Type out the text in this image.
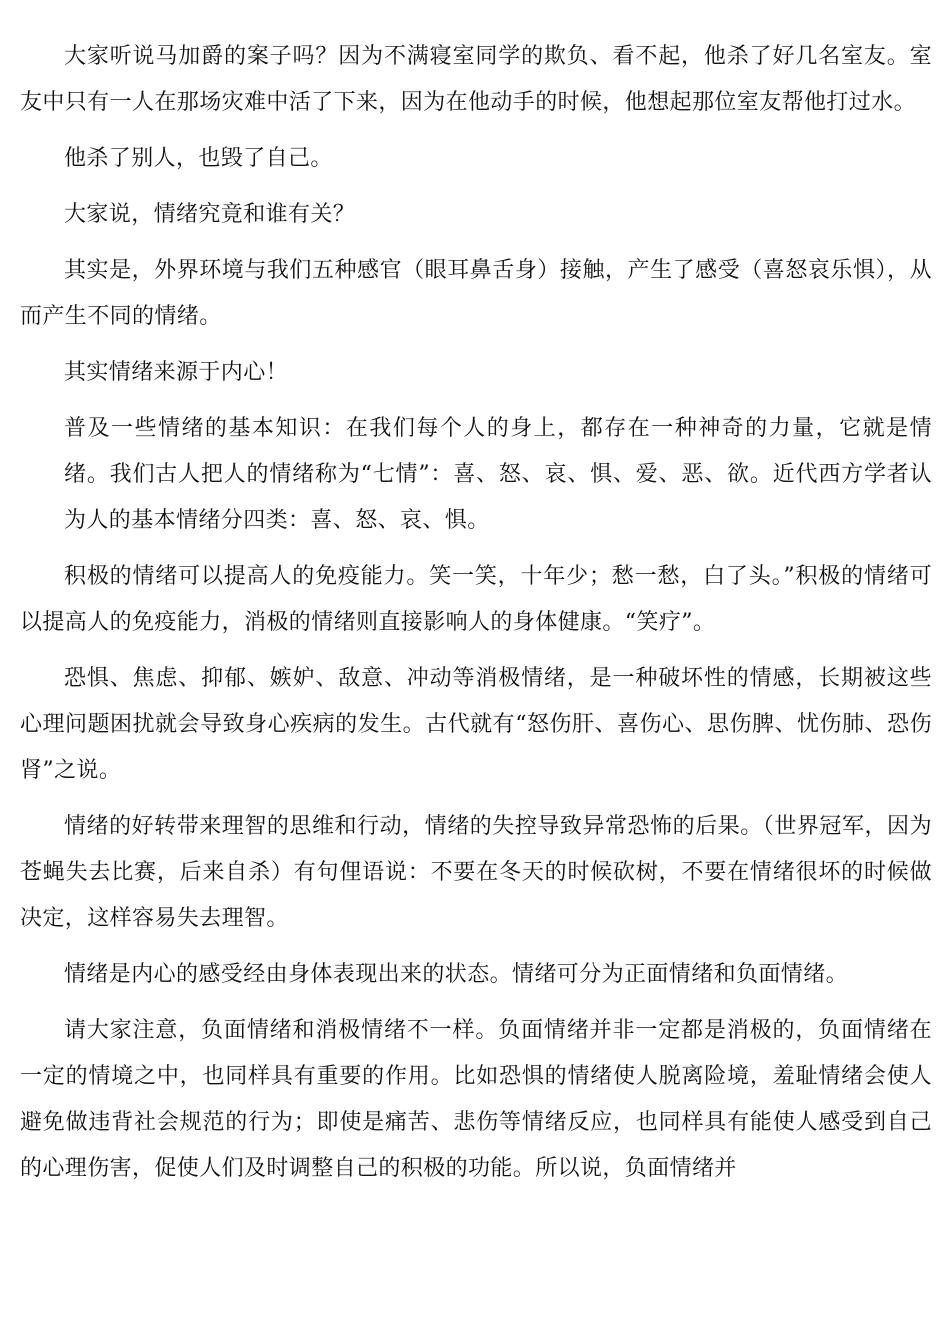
大家听说马加爵的案子吗？因为不满寝室同学的欺负、看不起，他杀了好几名室友。室友中只有一人在那场灾难中活了下来，因为在他动手的时候，他想起那位室友帮他打过水。

他杀了别人，也毁了自己。

大家说，情绪究竟和谁有关？

其实是，外界环境与我们五种感官（眼耳鼻舌身）接触，产生了感受（喜怒哀乐惧），从而产生不同的情绪。

其实情绪来源于内心！

普及一些情绪的基本知识：在我们每个人的身上，都存在一种神奇的力量，它就是情绪。我们古人把人的情绪称为“七情”：喜、怒、哀、惧、爱、恶、欲。近代西方学者认为人的基本情绪分四类：喜、怒、哀、惧。

积极的情绪可以提高人的免疫能力。笑一笑，十年少；愁一愁，白了头。”积极的情绪可以提高人的免疫能力，消极的情绪则直接影响人的身体健康。“笑疗”。

恐惧、焦虑、抑郁、嫉妒、敌意、冲动等消极情绪，是一种破坏性的情感，长期被这些心理问题困扰就会导致身心疾病的发生。古代就有“怒伤肝、喜伤心、思伤脾、忧伤肺、恐伤肾”之说。

情绪的好转带来理智的思维和行动，情绪的失控导致异常恐怖的后果。（世界冠军，因为苍蝇失去比赛，后来自杀）有句俚语说：不要在冬天的时候砍树，不要在情绪很坏的时候做决定，这样容易失去理智。

情绪是内心的感受经由身体表现出来的状态。情绪可分为正面情绪和负面情绪。

请大家注意，负面情绪和消极情绪不一样。负面情绪并非一定都是消极的，负面情绪在一定的情境之中，也同样具有重要的作用。比如恐惧的情绪使人脱离险境，羞耻情绪会使人避免做违背社会规范的行为；即使是痛苦、悲伤等情绪反应，也同样具有能使人感受到自己的心理伤害，促使人们及时调整自己的积极的功能。所以说，负面情绪并
